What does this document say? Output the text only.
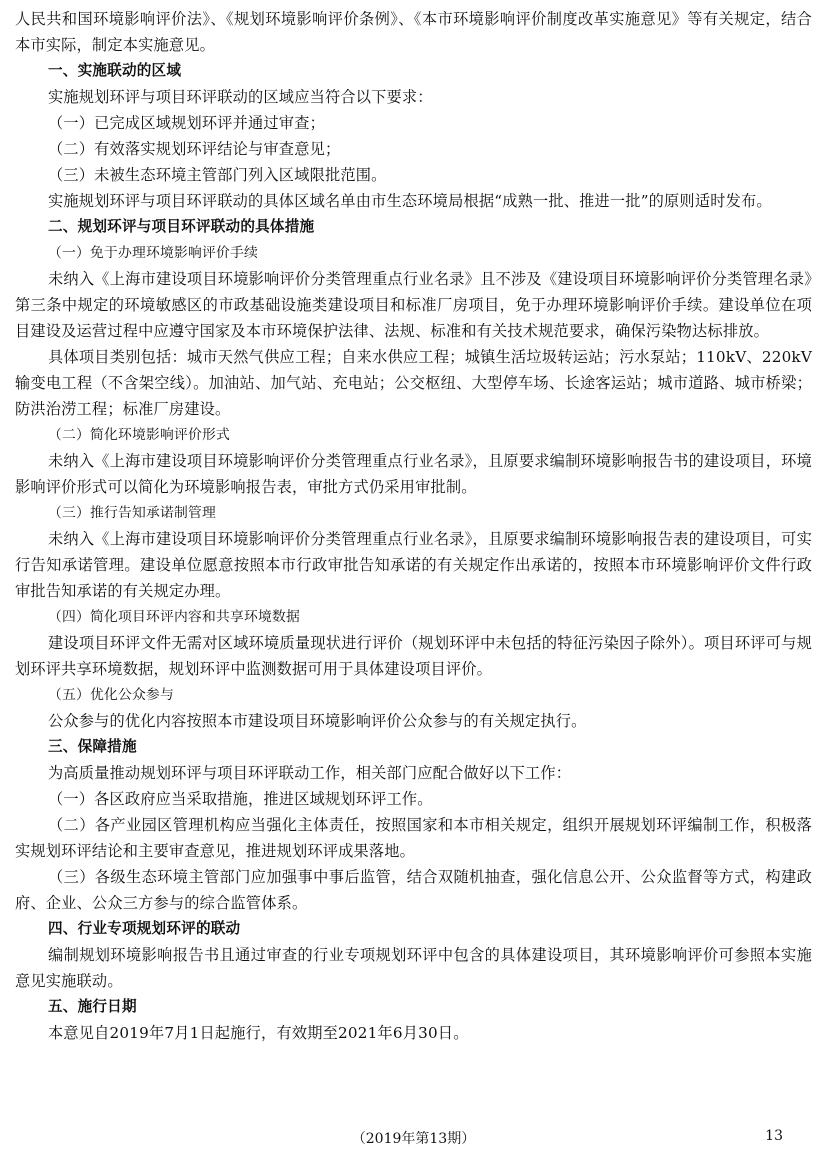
人民共和国环境影响评价法》、《规划环境影响评价条例》、《本市环境影响评价制度改革实施意见》等有关规定，结合本市实际，制定本实施意见。

一、实施联动的区域

实施规划环评与项目环评联动的区域应当符合以下要求：

（一）已完成区域规划环评并通过审查；

（二）有效落实规划环评结论与审查意见；

（三）未被生态环境主管部门列入区域限批范围。

实施规划环评与项目环评联动的具体区域名单由市生态环境局根据“成熟一批、推进一批”的原则适时发布。

二、规划环评与项目环评联动的具体措施

（一）免于办理环境影响评价手续

未纳入《上海市建设项目环境影响评价分类管理重点行业名录》且不涉及《建设项目环境影响评价分类管理名录》第三条中规定的环境敏感区的市政基础设施类建设项目和标准厂房项目，免于办理环境影响评价手续。建设单位在项目建设及运营过程中应遵守国家及本市环境保护法律、法规、标准和有关技术规范要求，确保污染物达标排放。

具体项目类别包括：城市天然气供应工程；自来水供应工程；城镇生活垃圾转运站；污水泵站；110kV、220kV输变电工程（不含架空线）。加油站、加气站、充电站；公交枢纽、大型停车场、长途客运站；城市道路、城市桥梁；防洪治涝工程；标准厂房建设。

（二）简化环境影响评价形式

未纳入《上海市建设项目环境影响评价分类管理重点行业名录》，且原要求编制环境影响报告书的建设项目，环境影响评价形式可以简化为环境影响报告表，审批方式仍采用审批制。

（三）推行告知承诺制管理

未纳入《上海市建设项目环境影响评价分类管理重点行业名录》，且原要求编制环境影响报告表的建设项目，可实行告知承诺管理。建设单位愿意按照本市行政审批告知承诺的有关规定作出承诺的，按照本市环境影响评价文件行政审批告知承诺的有关规定办理。

（四）简化项目环评内容和共享环境数据

建设项目环评文件无需对区域环境质量现状进行评价（规划环评中未包括的特征污染因子除外）。项目环评可与规划环评共享环境数据，规划环评中监测数据可用于具体建设项目评价。

（五）优化公众参与

公众参与的优化内容按照本市建设项目环境影响评价公众参与的有关规定执行。

三、保障措施

为高质量推动规划环评与项目环评联动工作，相关部门应配合做好以下工作：

（一）各区政府应当采取措施，推进区域规划环评工作。

（二）各产业园区管理机构应当强化主体责任，按照国家和本市相关规定，组织开展规划环评编制工作，积极落实规划环评结论和主要审查意见，推进规划环评成果落地。

（三）各级生态环境主管部门应加强事中事后监管，结合双随机抽查，强化信息公开、公众监督等方式，构建政府、企业、公众三方参与的综合监管体系。

四、行业专项规划环评的联动

编制规划环境影响报告书且通过审查的行业专项规划环评中包含的具体建设项目，其环境影响评价可参照本实施意见实施联动。

五、施行日期

本意见自2019年7月1日起施行，有效期至2021年6月30日。

（2019年第13期）	13
